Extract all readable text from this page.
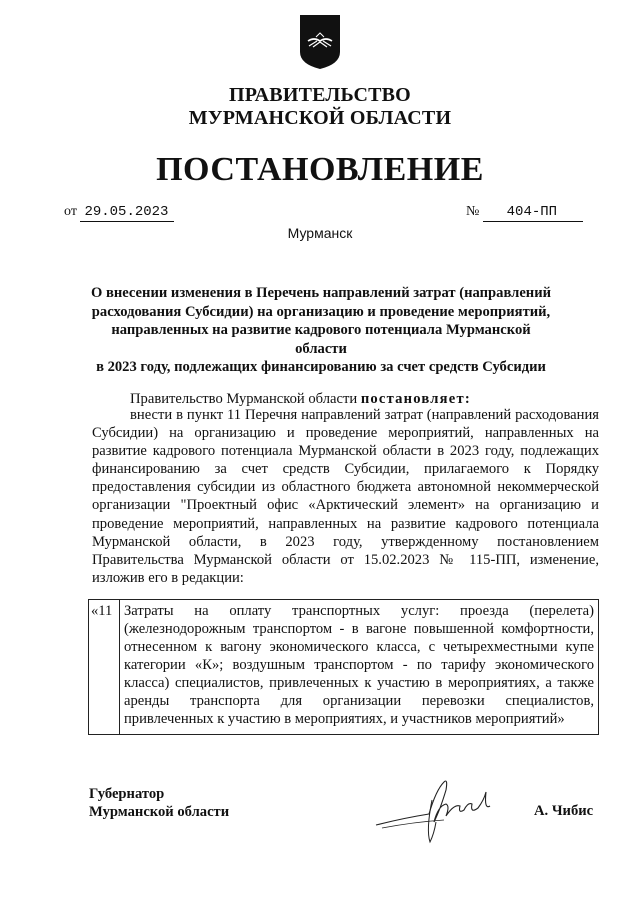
ПРАВИТЕЛЬСТВО
МУРМАНСКОЙ ОБЛАСТИ
ПОСТАНОВЛЕНИЕ
от 29.05.2023	№ 404-ПП
Мурманск
О внесении изменения в Перечень направлений затрат (направлений
расходования Субсидии) на организацию и проведение мероприятий,
направленных на развитие кадрового потенциала Мурманской области
в 2023 году, подлежащих финансированию за счет средств Субсидии
Правительство Мурманской области постановляет:
внести в пункт 11 Перечня направлений затрат (направлений расходования Субсидии) на организацию и проведение мероприятий, направленных на развитие кадрового потенциала Мурманской области в 2023 году, подлежащих финансированию за счет средств Субсидии, прилагаемого к Порядку предоставления субсидии из областного бюджета автономной некоммерческой организации "Проектный офис «Арктический элемент» на организацию и проведение мероприятий, направленных на развитие кадрового потенциала Мурманской области, в 2023 году, утвержденному постановлением Правительства Мурманской области от 15.02.2023 № 115-ПП, изменение, изложив его в редакции:
«11	Затраты на оплату транспортных услуг: проезда (перелета) (железнодорожным транспортом - в вагоне повышенной комфортности, отнесенном к вагону экономического класса, с четырехместными купе категории «К»; воздушным транспортом - по тарифу экономического класса) специалистов, привлеченных к участию в мероприятиях, а также аренды транспорта для организации перевозки специалистов, привлеченных к участию в мероприятиях, и участников мероприятий»
Губернатор
Мурманской области	А. Чибис
